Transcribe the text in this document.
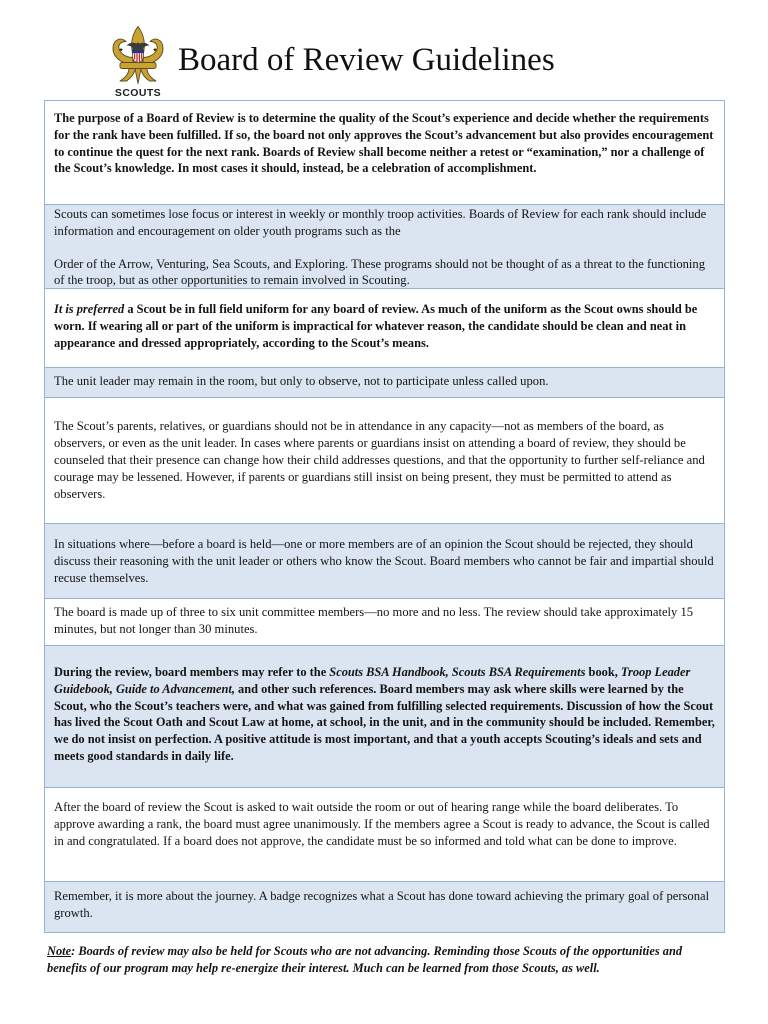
SCOUTS
Board of Review Guidelines

The purpose of a Board of Review is to determine the quality of the Scout’s experience and decide whether the requirements for the rank have been fulfilled. If so, the board not only approves the Scout’s advancement but also provides encouragement to continue the quest for the next rank. Boards of Review shall become neither a retest or “examination,” nor a challenge of the Scout’s knowledge. In most cases it should, instead, be a celebration of accomplishment.

Scouts can sometimes lose focus or interest in weekly or monthly troop activities. Boards of Review for each rank should include information and encouragement on older youth programs such as the

Order of the Arrow, Venturing, Sea Scouts, and Exploring. These programs should not be thought of as a threat to the functioning of the troop, but as other opportunities to remain involved in Scouting.

It is preferred a Scout be in full field uniform for any board of review. As much of the uniform as the Scout owns should be worn. If wearing all or part of the uniform is impractical for whatever reason, the candidate should be clean and neat in appearance and dressed appropriately, according to the Scout’s means.

The unit leader may remain in the room, but only to observe, not to participate unless called upon.

The Scout’s parents, relatives, or guardians should not be in attendance in any capacity—not as members of the board, as observers, or even as the unit leader. In cases where parents or guardians insist on attending a board of review, they should be counseled that their presence can change how their child addresses questions, and that the opportunity to further self-reliance and courage may be lessened. However, if parents or guardians still insist on being present, they must be permitted to attend as observers.

In situations where—before a board is held—one or more members are of an opinion the Scout should be rejected, they should discuss their reasoning with the unit leader or others who know the Scout. Board members who cannot be fair and impartial should recuse themselves.

The board is made up of three to six unit committee members—no more and no less. The review should take approximately 15 minutes, but not longer than 30 minutes.

During the review, board members may refer to the Scouts BSA Handbook, Scouts BSA Requirements book, Troop Leader Guidebook, Guide to Advancement, and other such references. Board members may ask where skills were learned by the Scout, who the Scout’s teachers were, and what was gained from fulfilling selected requirements. Discussion of how the Scout has lived the Scout Oath and Scout Law at home, at school, in the unit, and in the community should be included. Remember, we do not insist on perfection. A positive attitude is most important, and that a youth accepts Scouting’s ideals and sets and meets good standards in daily life.

After the board of review the Scout is asked to wait outside the room or out of hearing range while the board deliberates. To approve awarding a rank, the board must agree unanimously. If the members agree a Scout is ready to advance, the Scout is called in and congratulated. If a board does not approve, the candidate must be so informed and told what can be done to improve.

Remember, it is more about the journey. A badge recognizes what a Scout has done toward achieving the primary goal of personal growth.

Note: Boards of review may also be held for Scouts who are not advancing. Reminding those Scouts of the opportunities and benefits of our program may help re-energize their interest. Much can be learned from those Scouts, as well.
